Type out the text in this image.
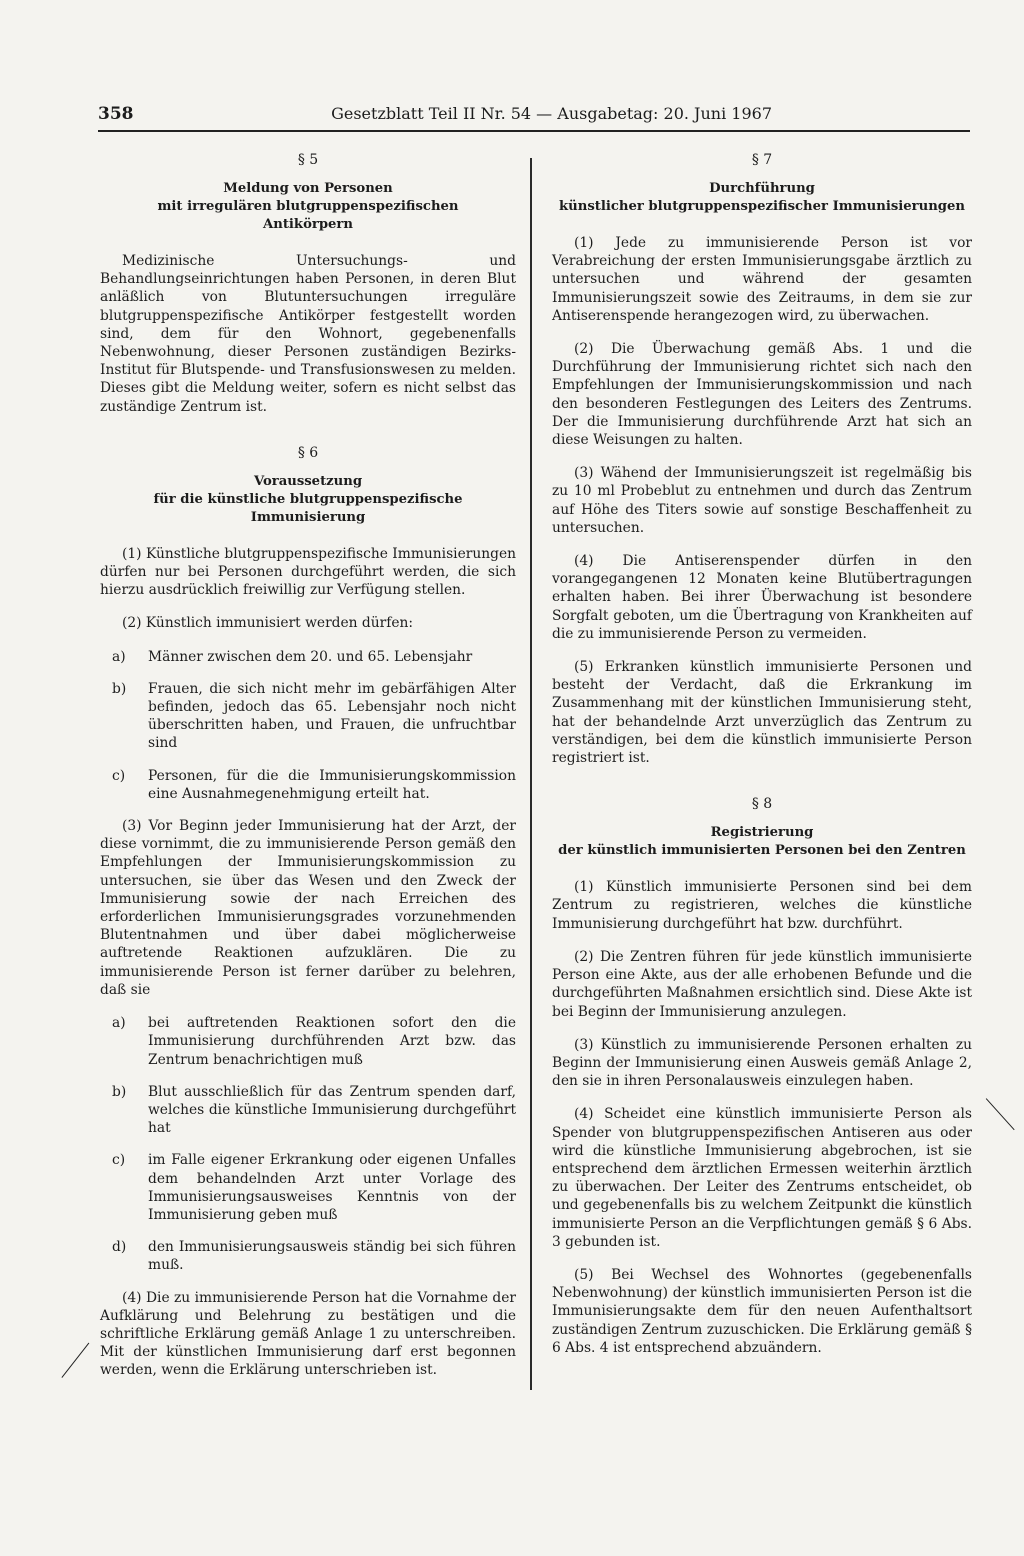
358	Gesetzblatt Teil II Nr. 54 — Ausgabetag: 20. Juni 1967
§ 5
Meldung von Personen
mit irregulären blutgruppenspezifischen
Antikörpern

Medizinische Untersuchungs- und Behandlungseinrichtungen haben Personen, in deren Blut anläßlich von Blutuntersuchungen irreguläre blutgruppenspezifische Antikörper festgestellt worden sind, dem für den Wohnort, gegebenenfalls Nebenwohnung, dieser Personen zuständigen Bezirks-Institut für Blutspende- und Transfusionswesen zu melden. Dieses gibt die Meldung weiter, sofern es nicht selbst das zuständige Zentrum ist.

§ 6
Voraussetzung
für die künstliche blutgruppenspezifische
Immunisierung

(1) Künstliche blutgruppenspezifische Immunisierungen dürfen nur bei Personen durchgeführt werden, die sich hierzu ausdrücklich freiwillig zur Verfügung stellen.

(2) Künstlich immunisiert werden dürfen:

a) Männer zwischen dem 20. und 65. Lebensjahr
b) Frauen, die sich nicht mehr im gebärfähigen Alter befinden, jedoch das 65. Lebensjahr noch nicht überschritten haben, und Frauen, die unfruchtbar sind
c) Personen, für die die Immunisierungskommission eine Ausnahmegenehmigung erteilt hat.

(3) Vor Beginn jeder Immunisierung hat der Arzt, der diese vornimmt, die zu immunisierende Person gemäß den Empfehlungen der Immunisierungskommission zu untersuchen, sie über das Wesen und den Zweck der Immunisierung sowie der nach Erreichen des erforderlichen Immunisierungsgrades vorzunehmenden Blutentnahmen und über dabei möglicherweise auftretende Reaktionen aufzuklären. Die zu immunisierende Person ist ferner darüber zu belehren, daß sie

a) bei auftretenden Reaktionen sofort den die Immunisierung durchführenden Arzt bzw. das Zentrum benachrichtigen muß
b) Blut ausschließlich für das Zentrum spenden darf, welches die künstliche Immunisierung durchgeführt hat
c) im Falle eigener Erkrankung oder eigenen Unfalles dem behandelnden Arzt unter Vorlage des Immunisierungsausweises Kenntnis von der Immunisierung geben muß
d) den Immunisierungsausweis ständig bei sich führen muß.

(4) Die zu immunisierende Person hat die Vornahme der Aufklärung und Belehrung zu bestätigen und die schriftliche Erklärung gemäß Anlage 1 zu unterschreiben. Mit der künstlichen Immunisierung darf erst begonnen werden, wenn die Erklärung unterschrieben ist.

§ 7
Durchführung
künstlicher blutgruppenspezifischer Immunisierungen

(1) Jede zu immunisierende Person ist vor Verabreichung der ersten Immunisierungsgabe ärztlich zu untersuchen und während der gesamten Immunisierungszeit sowie des Zeitraums, in dem sie zur Antiserenspende herangezogen wird, zu überwachen.

(2) Die Überwachung gemäß Abs. 1 und die Durchführung der Immunisierung richtet sich nach den Empfehlungen der Immunisierungskommission und nach den besonderen Festlegungen des Leiters des Zentrums. Der die Immunisierung durchführende Arzt hat sich an diese Weisungen zu halten.

(3) Wähend der Immunisierungszeit ist regelmäßig bis zu 10 ml Probeblut zu entnehmen und durch das Zentrum auf Höhe des Titers sowie auf sonstige Beschaffenheit zu untersuchen.

(4) Die Antiserenspender dürfen in den vorangegangenen 12 Monaten keine Blutübertragungen erhalten haben. Bei ihrer Überwachung ist besondere Sorgfalt geboten, um die Übertragung von Krankheiten auf die zu immunisierende Person zu vermeiden.

(5) Erkranken künstlich immunisierte Personen und besteht der Verdacht, daß die Erkrankung im Zusammenhang mit der künstlichen Immunisierung steht, hat der behandelnde Arzt unverzüglich das Zentrum zu verständigen, bei dem die künstlich immunisierte Person registriert ist.

§ 8
Registrierung
der künstlich immunisierten Personen bei den Zentren

(1) Künstlich immunisierte Personen sind bei dem Zentrum zu registrieren, welches die künstliche Immunisierung durchgeführt hat bzw. durchführt.

(2) Die Zentren führen für jede künstlich immunisierte Person eine Akte, aus der alle erhobenen Befunde und die durchgeführten Maßnahmen ersichtlich sind. Diese Akte ist bei Beginn der Immunisierung anzulegen.

(3) Künstlich zu immunisierende Personen erhalten zu Beginn der Immunisierung einen Ausweis gemäß Anlage 2, den sie in ihren Personalausweis einzulegen haben.

(4) Scheidet eine künstlich immunisierte Person als Spender von blutgruppenspezifischen Antiseren aus oder wird die künstliche Immunisierung abgebrochen, ist sie entsprechend dem ärztlichen Ermessen weiterhin ärztlich zu überwachen. Der Leiter des Zentrums entscheidet, ob und gegebenenfalls bis zu welchem Zeitpunkt die künstlich immunisierte Person an die Verpflichtungen gemäß § 6 Abs. 3 gebunden ist.

(5) Bei Wechsel des Wohnortes (gegebenenfalls Nebenwohnung) der künstlich immunisierten Person ist die Immunisierungsakte dem für den neuen Aufenthaltsort zuständigen Zentrum zuzuschicken. Die Erklärung gemäß § 6 Abs. 4 ist entsprechend abzuändern.
